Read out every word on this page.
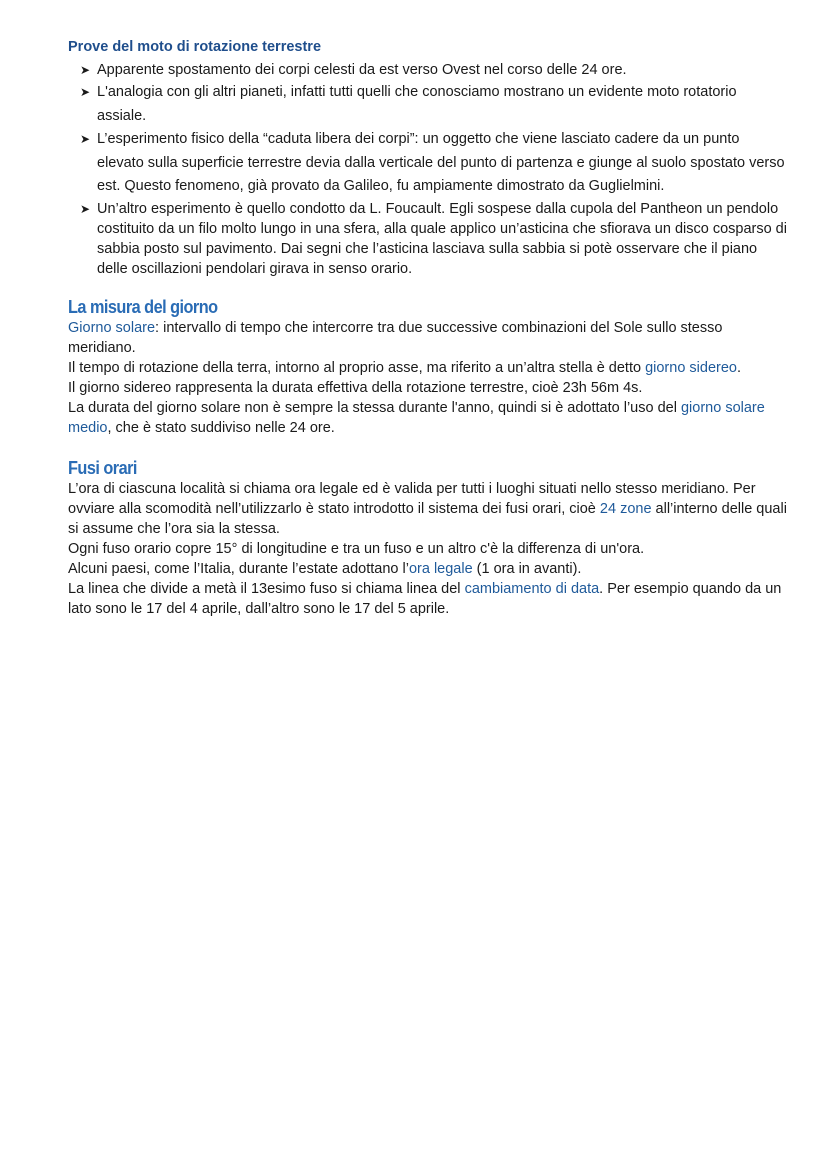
Prove del moto di rotazione terrestre
➤ Apparente spostamento dei corpi celesti da est verso Ovest nel corso delle 24 ore.
➤ L'analogia con gli altri pianeti, infatti tutti quelli che conosciamo mostrano un evidente moto rotatorio assiale.
➤ L’esperimento fisico della “caduta libera dei corpi”: un oggetto che viene lasciato cadere da un punto elevato sulla superficie terrestre devia dalla verticale del punto di partenza e giunge al suolo spostato verso est. Questo fenomeno, già provato da Galileo, fu ampiamente dimostrato da Guglielmini.
➤ Un’altro esperimento è quello condotto da L. Foucault. Egli sospese dalla cupola del Pantheon un pendolo costituito da un filo molto lungo in una sfera, alla quale applico un’asticina che sfiorava un disco cosparso di sabbia posto sul pavimento. Dai segni che l’asticina lasciava sulla sabbia si potè osservare che il piano delle oscillazioni pendolari girava in senso orario.
La misura del giorno

Giorno solare: intervallo di tempo che intercorre tra due successive combinazioni del Sole sullo stesso meridiano.

Il tempo di rotazione della terra, intorno al proprio asse, ma riferito a un’altra stella è detto giorno sidereo.

Il giorno sidereo rappresenta la durata effettiva della rotazione terrestre, cioè 23h 56m 4s.

La durata del giorno solare non è sempre la stessa durante l'anno, quindi si è adottato l’uso del giorno solare medio, che è stato suddiviso nelle 24 ore.

Fusi orari

L’ora di ciascuna località si chiama ora legale ed è valida per tutti i luoghi situati nello stesso meridiano. Per ovviare alla scomodità nell’utilizzarlo è stato introdotto il sistema dei fusi orari, cioè 24 zone all’interno delle quali si assume che l’ora sia la stessa.

Ogni fuso orario copre 15° di longitudine e tra un fuso e un altro c'è la differenza di un'ora.

Alcuni paesi, come l’Italia, durante l’estate adottano l’ora legale (1 ora in avanti).

La linea che divide a metà il 13esimo fuso si chiama linea del cambiamento di data. Per esempio quando da un lato sono le 17 del 4 aprile, dall’altro sono le 17 del 5 aprile.
